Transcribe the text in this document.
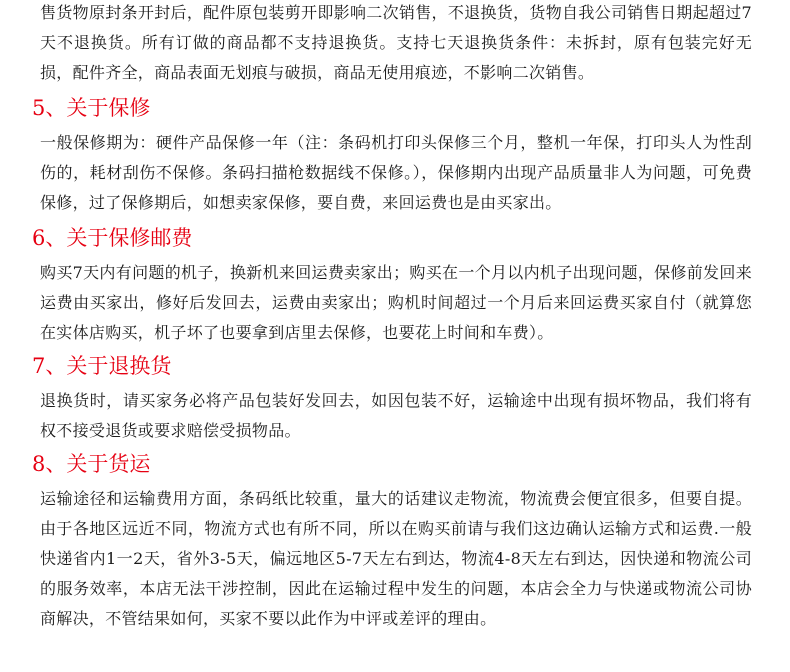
售货物原封条开封后，配件原包装剪开即影响二次销售，不退换货，货物自我公司销售日期起超过7天不退换货。所有订做的商品都不支持退换货。支持七天退换货条件：未拆封，原有包装完好无损，配件齐全，商品表面无划痕与破损，商品无使用痕迹，不影响二次销售。
5、关于保修
一般保修期为：硬件产品保修一年（注：条码机打印头保修三个月，整机一年保，打印头人为性刮伤的，耗材刮伤不保修。条码扫描枪数据线不保修。），保修期内出现产品质量非人为问题，可免费保修，过了保修期后，如想卖家保修，要自费，来回运费也是由买家出。
6、关于保修邮费
购买7天内有问题的机子，换新机来回运费卖家出；购买在一个月以内机子出现问题，保修前发回来运费由买家出，修好后发回去，运费由卖家出；购机时间超过一个月后来回运费买家自付（就算您在实体店购买，机子坏了也要拿到店里去保修，也要花上时间和车费）。
7、关于退换货
退换货时，请买家务必将产品包装好发回去，如因包装不好，运输途中出现有损坏物品，我们将有权不接受退货或要求赔偿受损物品。
8、关于货运
运输途径和运输费用方面，条码纸比较重，量大的话建议走物流，物流费会便宜很多，但要自提。由于各地区远近不同，物流方式也有所不同，所以在购买前请与我们这边确认运输方式和运费.一般快递省内1一2天，省外3-5天，偏远地区5-7天左右到达，物流4-8天左右到达，因快递和物流公司的服务效率，本店无法干涉控制，因此在运输过程中发生的问题，本店会全力与快递或物流公司协商解决，不管结果如何，买家不要以此作为中评或差评的理由。
